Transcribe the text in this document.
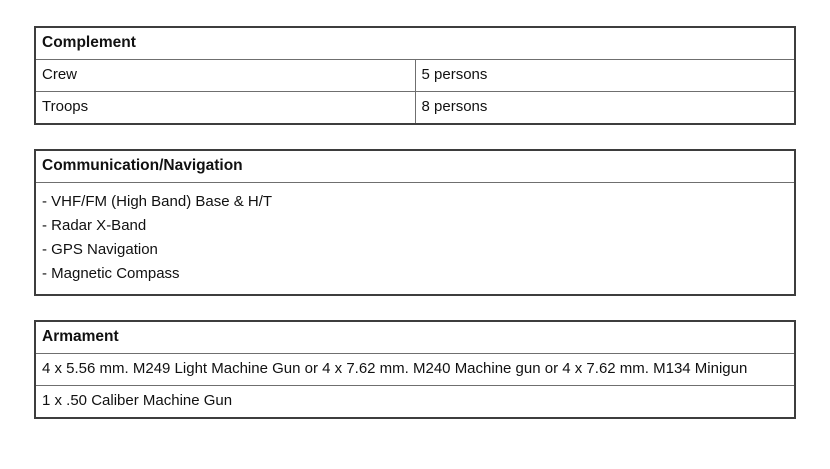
Complement	
Crew	5 persons
Troops	8 persons
Communication/Navigation

- VHF/FM (High Band) Base & H/T
- Radar X-Band
- GPS Navigation
- Magnetic Compass
Armament
4 x 5.56 mm. M249 Light Machine Gun or 4 x 7.62 mm. M240 Machine gun or 4 x 7.62 mm. M134 Minigun
1 x .50 Caliber Machine Gun
